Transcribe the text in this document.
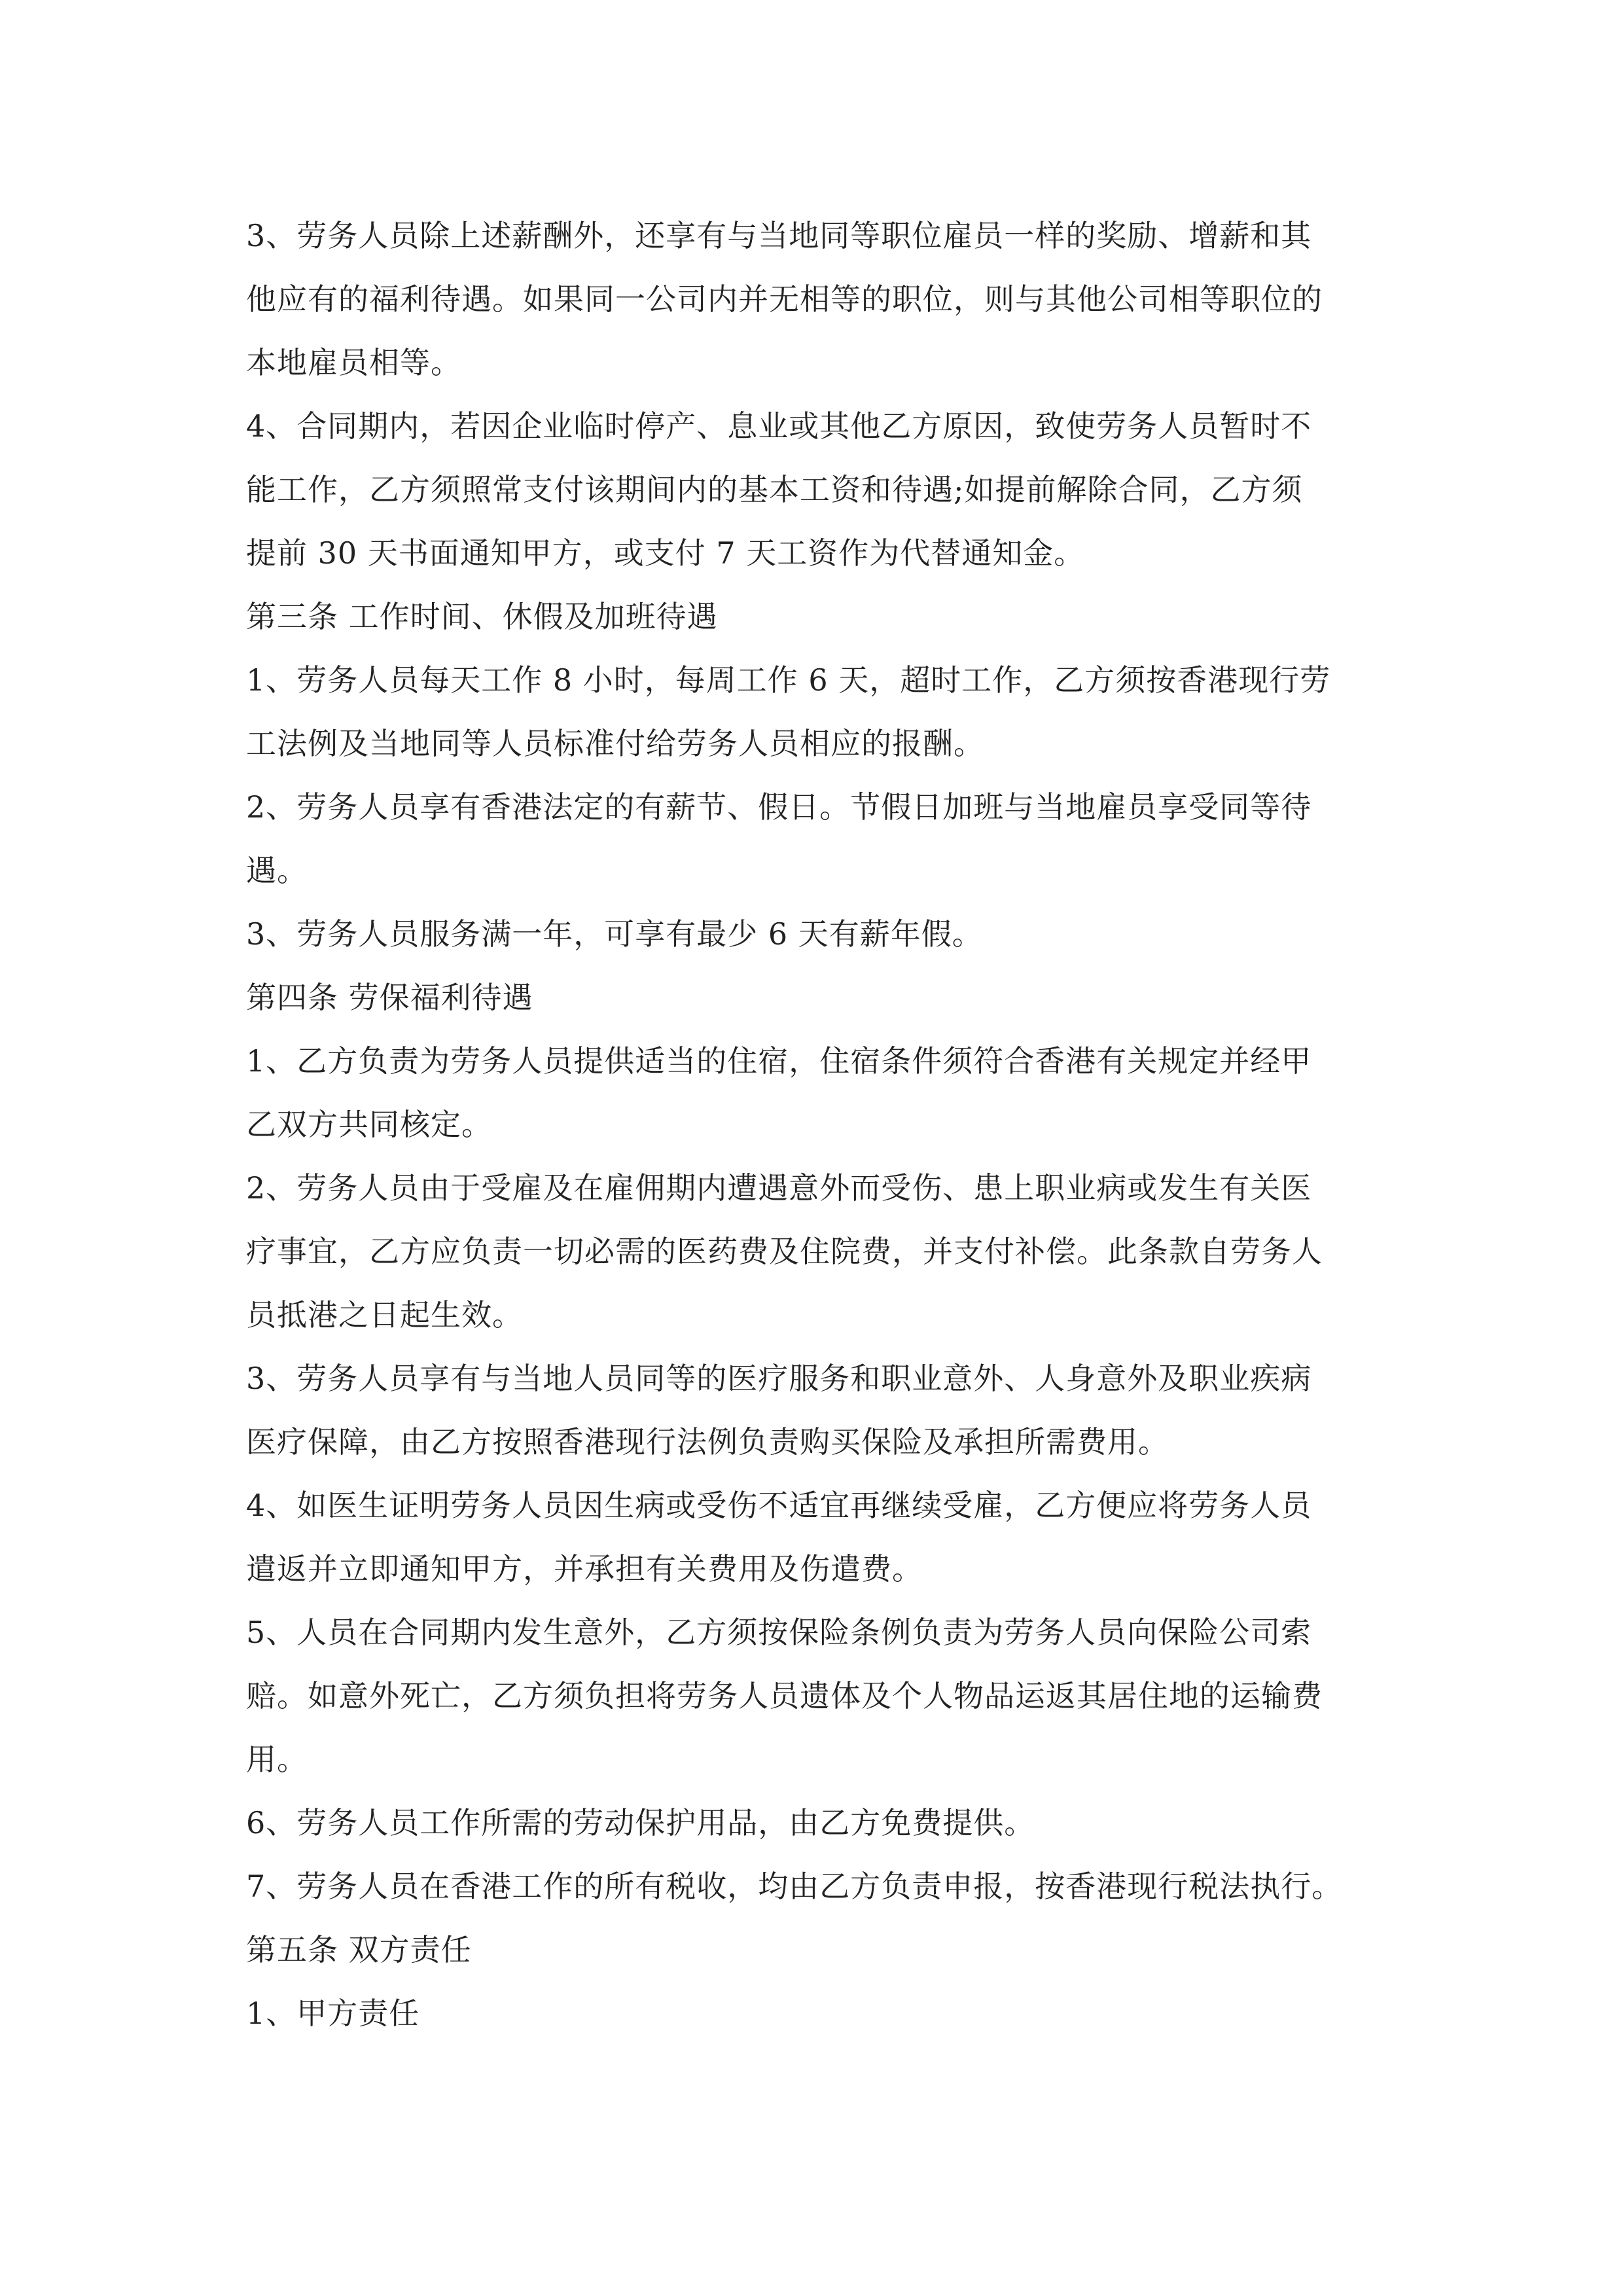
3、劳务人员除上述薪酬外，还享有与当地同等职位雇员一样的奖励、增薪和其

他应有的福利待遇。如果同一公司内并无相等的职位，则与其他公司相等职位的

本地雇员相等。

4、合同期内，若因企业临时停产、息业或其他乙方原因，致使劳务人员暂时不

能工作，乙方须照常支付该期间内的基本工资和待遇;如提前解除合同，乙方须

提前 30 天书面通知甲方，或支付 7 天工资作为代替通知金。

第三条 工作时间、休假及加班待遇

1、劳务人员每天工作 8 小时，每周工作 6 天，超时工作，乙方须按香港现行劳

工法例及当地同等人员标准付给劳务人员相应的报酬。

2、劳务人员享有香港法定的有薪节、假日。节假日加班与当地雇员享受同等待

遇。

3、劳务人员服务满一年，可享有最少 6 天有薪年假。

第四条 劳保福利待遇

1、乙方负责为劳务人员提供适当的住宿，住宿条件须符合香港有关规定并经甲

乙双方共同核定。

2、劳务人员由于受雇及在雇佣期内遭遇意外而受伤、患上职业病或发生有关医

疗事宜，乙方应负责一切必需的医药费及住院费，并支付补偿。此条款自劳务人

员抵港之日起生效。

3、劳务人员享有与当地人员同等的医疗服务和职业意外、人身意外及职业疾病

医疗保障，由乙方按照香港现行法例负责购买保险及承担所需费用。

4、如医生证明劳务人员因生病或受伤不适宜再继续受雇，乙方便应将劳务人员

遣返并立即通知甲方，并承担有关费用及伤遣费。

5、人员在合同期内发生意外，乙方须按保险条例负责为劳务人员向保险公司索

赔。如意外死亡，乙方须负担将劳务人员遗体及个人物品运返其居住地的运输费

用。

6、劳务人员工作所需的劳动保护用品，由乙方免费提供。

7、劳务人员在香港工作的所有税收，均由乙方负责申报，按香港现行税法执行。

第五条 双方责任

1、甲方责任
